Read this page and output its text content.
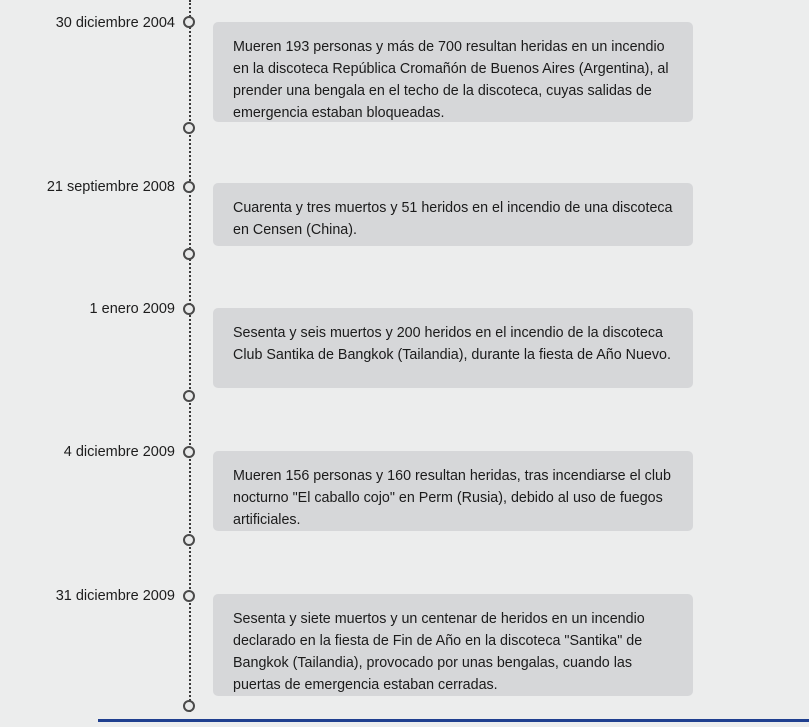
30 diciembre 2004
Mueren 193 personas y más de 700 resultan heridas en un incendio en la discoteca República Cromañón de Buenos Aires (Argentina), al prender una bengala en el techo de la discoteca, cuyas salidas de emergencia estaban bloqueadas.
21 septiembre 2008
Cuarenta y tres muertos y 51 heridos en el incendio de una discoteca en Censen (China).
1 enero 2009
Sesenta y seis muertos y 200 heridos en el incendio de la discoteca Club Santika de Bangkok (Tailandia), durante la fiesta de Año Nuevo.
4 diciembre 2009
Mueren 156 personas y 160 resultan heridas, tras incendiarse el club nocturno "El caballo cojo" en Perm (Rusia), debido al uso de fuegos artificiales.
31 diciembre 2009
Sesenta y siete muertos y un centenar de heridos en un incendio declarado en la fiesta de Fin de Año en la discoteca "Santika" de Bangkok (Tailandia), provocado por unas bengalas, cuando las puertas de emergencia estaban cerradas.
